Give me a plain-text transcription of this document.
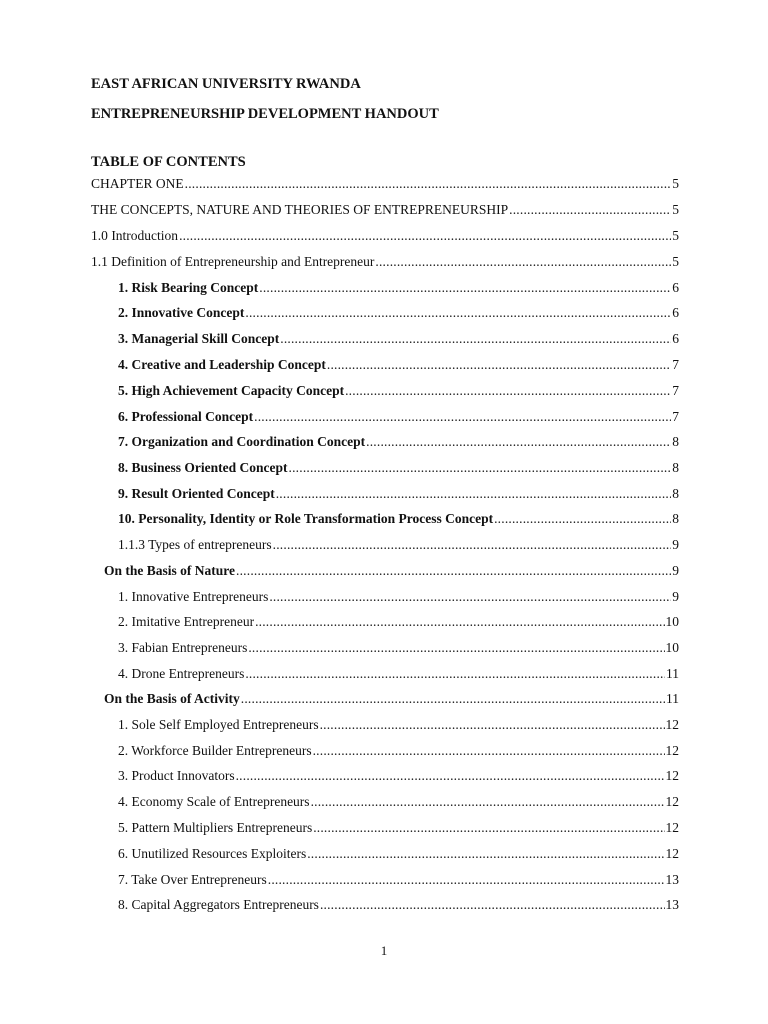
EAST AFRICAN UNIVERSITY RWANDA
ENTREPRENEURSHIP DEVELOPMENT HANDOUT
TABLE OF CONTENTS
CHAPTER ONE .....	5
THE CONCEPTS, NATURE AND THEORIES OF ENTREPRENEURSHIP .....	5
1.0 Introduction .....	5
1.1 Definition of Entrepreneurship and Entrepreneur .....	5
1. Risk Bearing Concept .....	6
2. Innovative Concept .....	6
3. Managerial Skill Concept .....	6
4. Creative and Leadership Concept .....	7
5. High Achievement Capacity Concept .....	7
6. Professional Concept .....	7
7. Organization and Coordination Concept .....	8
8. Business Oriented Concept .....	8
9. Result Oriented Concept .....	8
10. Personality, Identity or Role Transformation Process Concept .....	8
1.1.3 Types of entrepreneurs .....	9
On the Basis of Nature .....	9
1. Innovative Entrepreneurs .....	9
2. Imitative Entrepreneur .....	10
3. Fabian Entrepreneurs .....	10
4. Drone Entrepreneurs .....	11
On the Basis of Activity .....	11
1. Sole Self Employed Entrepreneurs .....	12
2. Workforce Builder Entrepreneurs .....	12
3. Product Innovators .....	12
4. Economy Scale of Entrepreneurs .....	12
5. Pattern Multipliers Entrepreneurs .....	12
6. Unutilized Resources Exploiters .....	12
7. Take Over Entrepreneurs .....	13
8. Capital Aggregators Entrepreneurs .....	13
1
